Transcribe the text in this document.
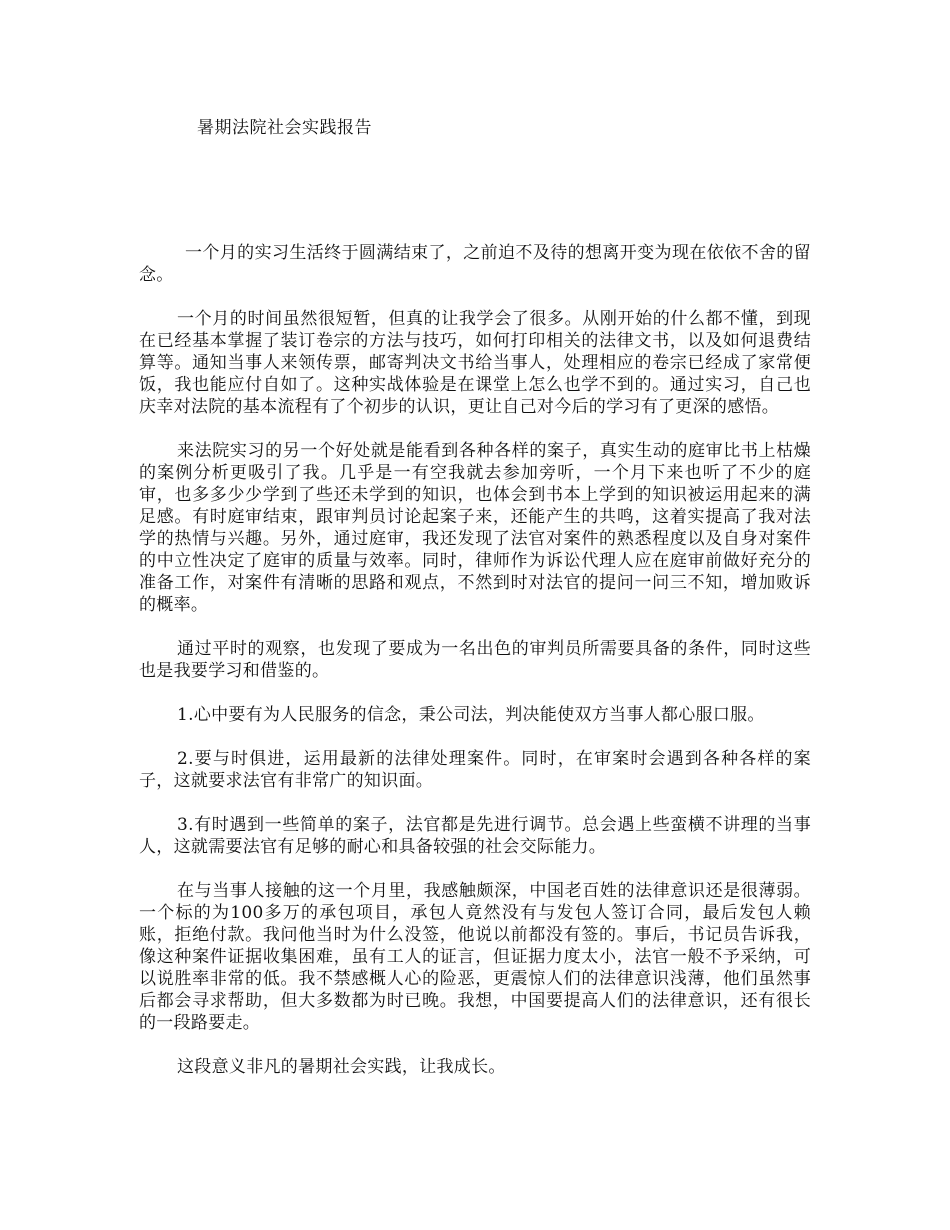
暑期法院社会实践报告

一个月的实习生活终于圆满结束了，之前迫不及待的想离开变为现在依依不舍的留念。

一个月的时间虽然很短暂，但真的让我学会了很多。从刚开始的什么都不懂，到现在已经基本掌握了装订卷宗的方法与技巧，如何打印相关的法律文书，以及如何退费结算等。通知当事人来领传票，邮寄判决文书给当事人，处理相应的卷宗已经成了家常便饭，我也能应付自如了。这种实战体验是在课堂上怎么也学不到的。通过实习，自己也庆幸对法院的基本流程有了个初步的认识，更让自己对今后的学习有了更深的感悟。

来法院实习的另一个好处就是能看到各种各样的案子，真实生动的庭审比书上枯燥的案例分析更吸引了我。几乎是一有空我就去参加旁听，一个月下来也听了不少的庭审，也多多少少学到了些还未学到的知识，也体会到书本上学到的知识被运用起来的满足感。有时庭审结束，跟审判员讨论起案子来，还能产生的共鸣，这着实提高了我对法学的热情与兴趣。另外，通过庭审，我还发现了法官对案件的熟悉程度以及自身对案件的中立性决定了庭审的质量与效率。同时，律师作为诉讼代理人应在庭审前做好充分的准备工作，对案件有清晰的思路和观点，不然到时对法官的提问一问三不知，增加败诉的概率。

通过平时的观察，也发现了要成为一名出色的审判员所需要具备的条件，同时这些也是我要学习和借鉴的。

1.心中要有为人民服务的信念，秉公司法，判决能使双方当事人都心服口服。

2.要与时俱进，运用最新的法律处理案件。同时，在审案时会遇到各种各样的案子，这就要求法官有非常广的知识面。

3.有时遇到一些简单的案子，法官都是先进行调节。总会遇上些蛮横不讲理的当事人，这就需要法官有足够的耐心和具备较强的社会交际能力。

在与当事人接触的这一个月里，我感触颇深，中国老百姓的法律意识还是很薄弱。一个标的为100多万的承包项目，承包人竟然没有与发包人签订合同，最后发包人赖账，拒绝付款。我问他当时为什么没签，他说以前都没有签的。事后，书记员告诉我，像这种案件证据收集困难，虽有工人的证言，但证据力度太小，法官一般不予采纳，可以说胜率非常的低。我不禁感概人心的险恶，更震惊人们的法律意识浅薄，他们虽然事后都会寻求帮助，但大多数都为时已晚。我想，中国要提高人们的法律意识，还有很长的一段路要走。

这段意义非凡的暑期社会实践，让我成长。
